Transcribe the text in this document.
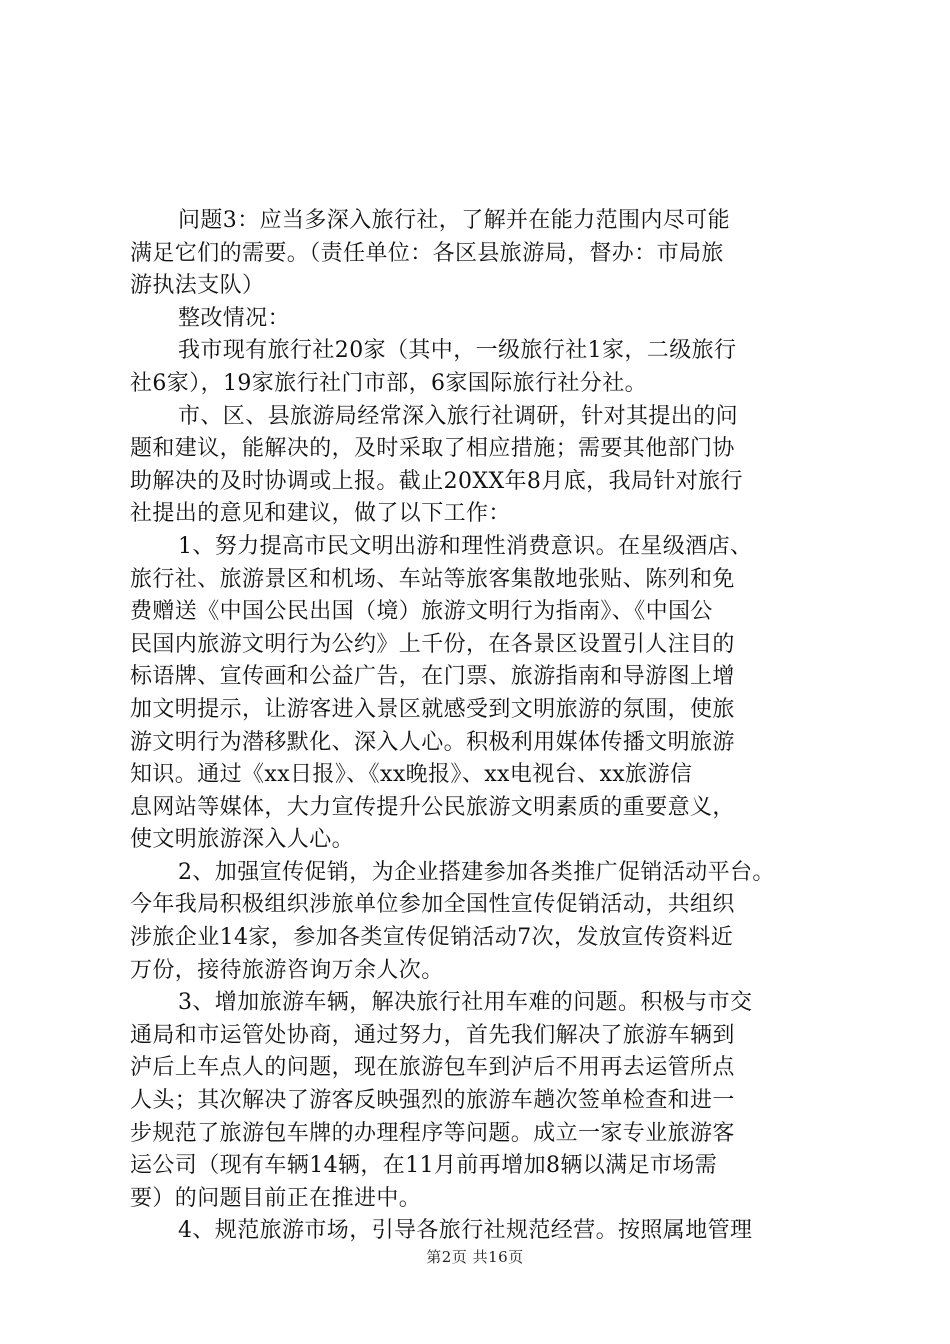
问题3：应当多深入旅行社，了解并在能力范围内尽可能
满足它们的需要。（责任单位：各区县旅游局，督办：市局旅
游执法支队）
整改情况：
我市现有旅行社20家（其中，一级旅行社1家，二级旅行
社6家），19家旅行社门市部，6家国际旅行社分社。
市、区、县旅游局经常深入旅行社调研，针对其提出的问
题和建议，能解决的，及时采取了相应措施；需要其他部门协
助解决的及时协调或上报。截止20XX年8月底，我局针对旅行
社提出的意见和建议，做了以下工作：
1、努力提高市民文明出游和理性消费意识。在星级酒店、
旅行社、旅游景区和机场、车站等旅客集散地张贴、陈列和免
费赠送《中国公民出国（境）旅游文明行为指南》、《中国公
民国内旅游文明行为公约》上千份，在各景区设置引人注目的
标语牌、宣传画和公益广告，在门票、旅游指南和导游图上增
加文明提示，让游客进入景区就感受到文明旅游的氛围，使旅
游文明行为潜移默化、深入人心。积极利用媒体传播文明旅游
知识。通过《xx日报》、《xx晚报》、xx电视台、xx旅游信
息网站等媒体，大力宣传提升公民旅游文明素质的重要意义，
使文明旅游深入人心。
2、加强宣传促销，为企业搭建参加各类推广促销活动平台。
今年我局积极组织涉旅单位参加全国性宣传促销活动，共组织
涉旅企业14家，参加各类宣传促销活动7次，发放宣传资料近
万份，接待旅游咨询万余人次。
3、增加旅游车辆，解决旅行社用车难的问题。积极与市交
通局和市运管处协商，通过努力，首先我们解决了旅游车辆到
泸后上车点人的问题，现在旅游包车到泸后不用再去运管所点
人头；其次解决了游客反映强烈的旅游车趟次签单检查和进一
步规范了旅游包车牌的办理程序等问题。成立一家专业旅游客
运公司（现有车辆14辆，在11月前再增加8辆以满足市场需
要）的问题目前正在推进中。
4、规范旅游市场，引导各旅行社规范经营。按照属地管理
第2页 共16页
